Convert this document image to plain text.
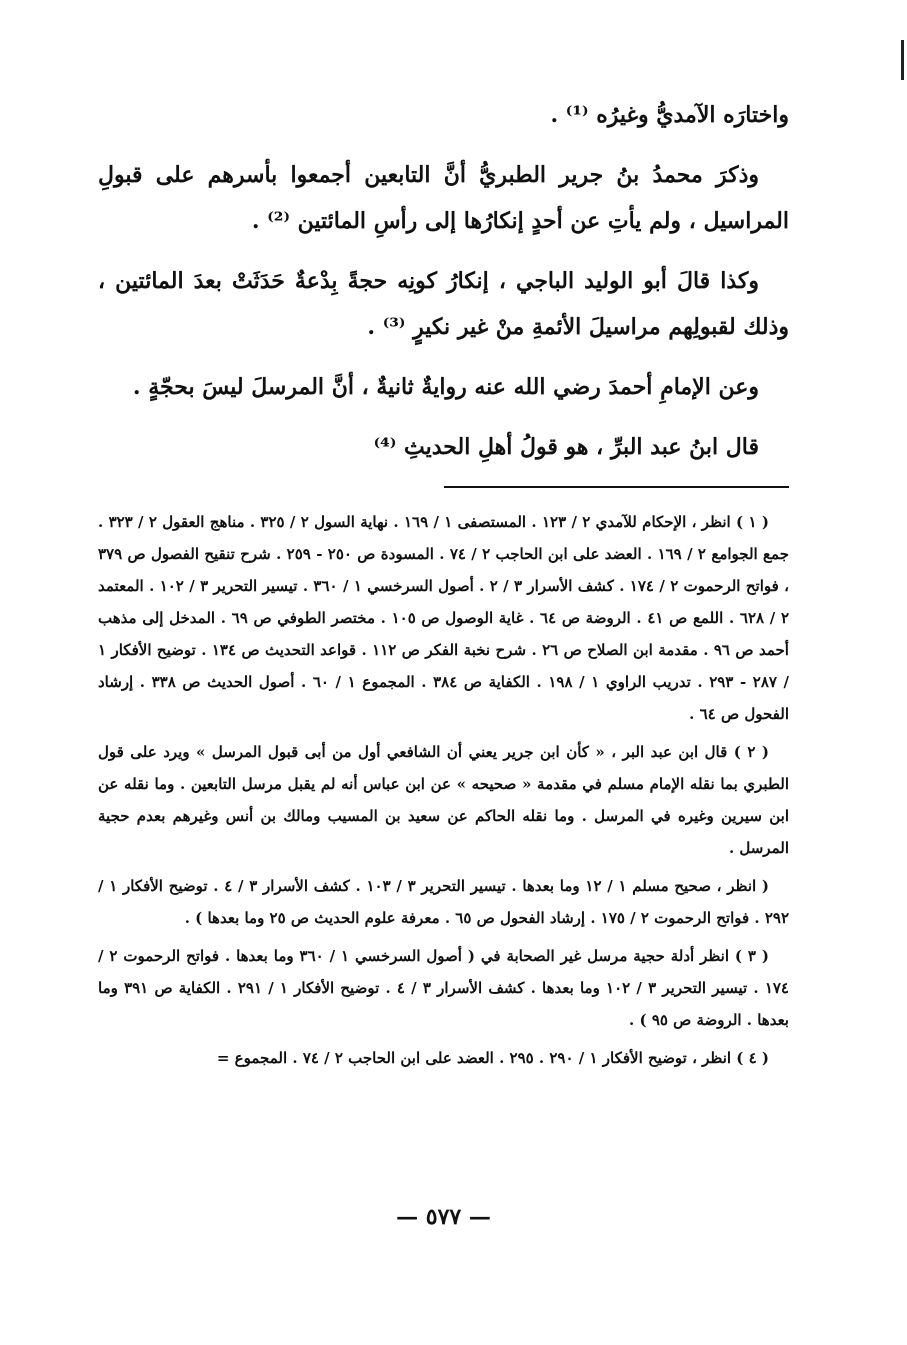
واختارَه الآمديُّ وغيرُه ⁽¹⁾ .

وذكرَ محمدُ بنُ جرير الطبريُّ أنَّ التابعين أجمعوا بأسرهم على قبولِ المراسيل ، ولم يأتِ عن أحدٍ إنكارُها إلى رأسِ المائتين ⁽²⁾ .

وكذا قالَ أبو الوليد الباجي ، إنكارُ كونِه حجةً بِدْعةٌ حَدَثَتْ بعدَ المائتين ، وذلك لقبولِهم مراسيلَ الأئمةِ منْ غير نكيرٍ ⁽³⁾ .

وعن الإمامِ أحمدَ رضي الله عنه روايةٌ ثانيةٌ ، أنَّ المرسلَ ليسَ بحجّةٍ .

قال ابنُ عبد البرِّ ، هو قولُ أهلِ الحديثِ ⁽⁴⁾

( ١ ) انظر ، الإحكام للآمدي ٢ / ١٢٣ . المستصفى ١ / ١٦٩ . نهاية السول ٢ / ٣٢٥ . مناهج العقول ٢ / ٣٢٣ . جمع الجوامع ٢ / ١٦٩ . العضد على ابن الحاجب ٢ / ٧٤ . المسودة ص ٢٥٠ - ٢٥٩ . شرح تنقيح الفصول ص ٣٧٩ ، فواتح الرحموت ٢ / ١٧٤ . كشف الأسرار ٣ / ٢ . أصول السرخسي ١ / ٣٦٠ . تيسير التحرير ٣ / ١٠٢ . المعتمد ٢ / ٦٢٨ . اللمع ص ٤١ . الروضة ص ٦٤ . غاية الوصول ص ١٠٥ . مختصر الطوفي ص ٦٩ . المدخل إلى مذهب أحمد ص ٩٦ . مقدمة ابن الصلاح ص ٢٦ . شرح نخبة الفكر ص ١١٢ . قواعد التحديث ص ١٣٤ . توضيح الأفكار ١ / ٢٨٧ - ٢٩٣ . تدريب الراوي ١ / ١٩٨ . الكفاية ص ٣٨٤ . المجموع ١ / ٦٠ . أصول الحديث ص ٣٣٨ . إرشاد الفحول ص ٦٤ .

( ٢ ) قال ابن عبد البر ، « كأن ابن جرير يعني أن الشافعي أول من أبى قبول المرسل » ويرد على قول الطبري بما نقله الإمام مسلم في مقدمة « صحيحه » عن ابن عباس أنه لم يقبل مرسل التابعين . وما نقله عن ابن سيرين وغيره في المرسل . وما نقله الحاكم عن سعيد بن المسيب ومالك بن أنس وغيرهم بعدم حجية المرسل .

( انظر ، صحيح مسلم ١ / ١٢ وما بعدها . تيسير التحرير ٣ / ١٠٣ . كشف الأسرار ٣ / ٤ . توضيح الأفكار ١ / ٢٩٢ . فواتح الرحموت ٢ / ١٧٥ . إرشاد الفحول ص ٦٥ . معرفة علوم الحديث ص ٢٥ وما بعدها ) .

( ٣ ) انظر أدلة حجية مرسل غير الصحابة في ( أصول السرخسي ١ / ٣٦٠ وما بعدها . فواتح الرحموت ٢ / ١٧٤ . تيسير التحرير ٣ / ١٠٢ وما بعدها . كشف الأسرار ٣ / ٤ . توضيح الأفكار ١ / ٢٩١ . الكفاية ص ٣٩١ وما بعدها . الروضة ص ٩٥ ) .

( ٤ ) انظر ، توضيح الأفكار ١ / ٢٩٠ . ٢٩٥ . العضد على ابن الحاجب ٢ / ٧٤ . المجموع =

— ٥٧٧ —
